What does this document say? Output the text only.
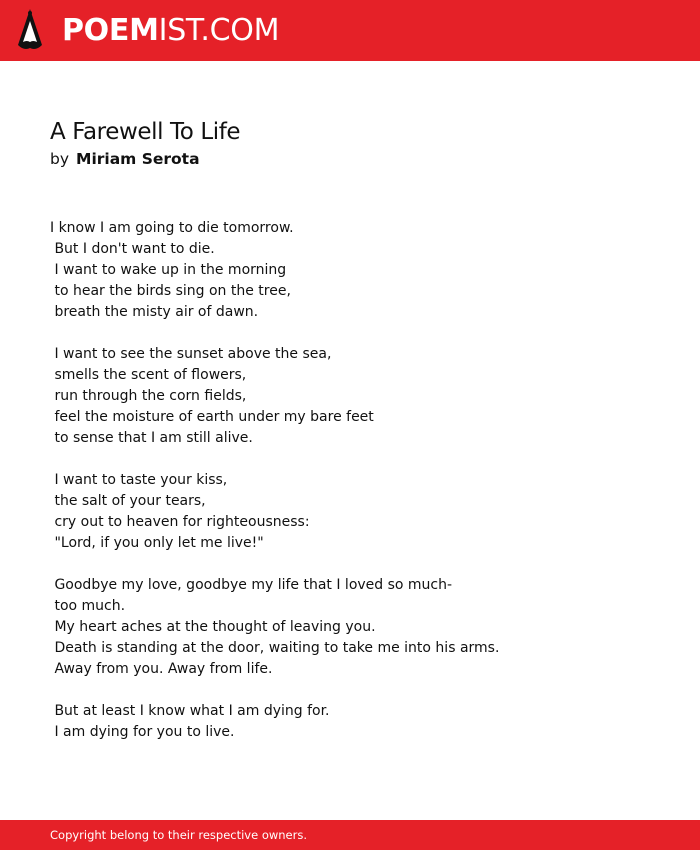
POEMIST.COM
A Farewell To Life
by Miriam Serota
I know I am going to die tomorrow.
But I don't want to die.
I want to wake up in the morning
to hear the birds sing on the tree,
breath the misty air of dawn.

I want to see the sunset above the sea,
smells the scent of flowers,
run through the corn fields,
feel the moisture of earth under my bare feet
to sense that I am still alive.

I want to taste your kiss,
the salt of your tears,
cry out to heaven for righteousness:
"Lord, if you only let me live!"

Goodbye my love, goodbye my life that I loved so much-
too much.
My heart aches at the thought of leaving you.
Death is standing at the door, waiting to take me into his arms.
Away from you. Away from life.

But at least I know what I am dying for.
I am dying for you to live.
Copyright belong to their respective owners.
